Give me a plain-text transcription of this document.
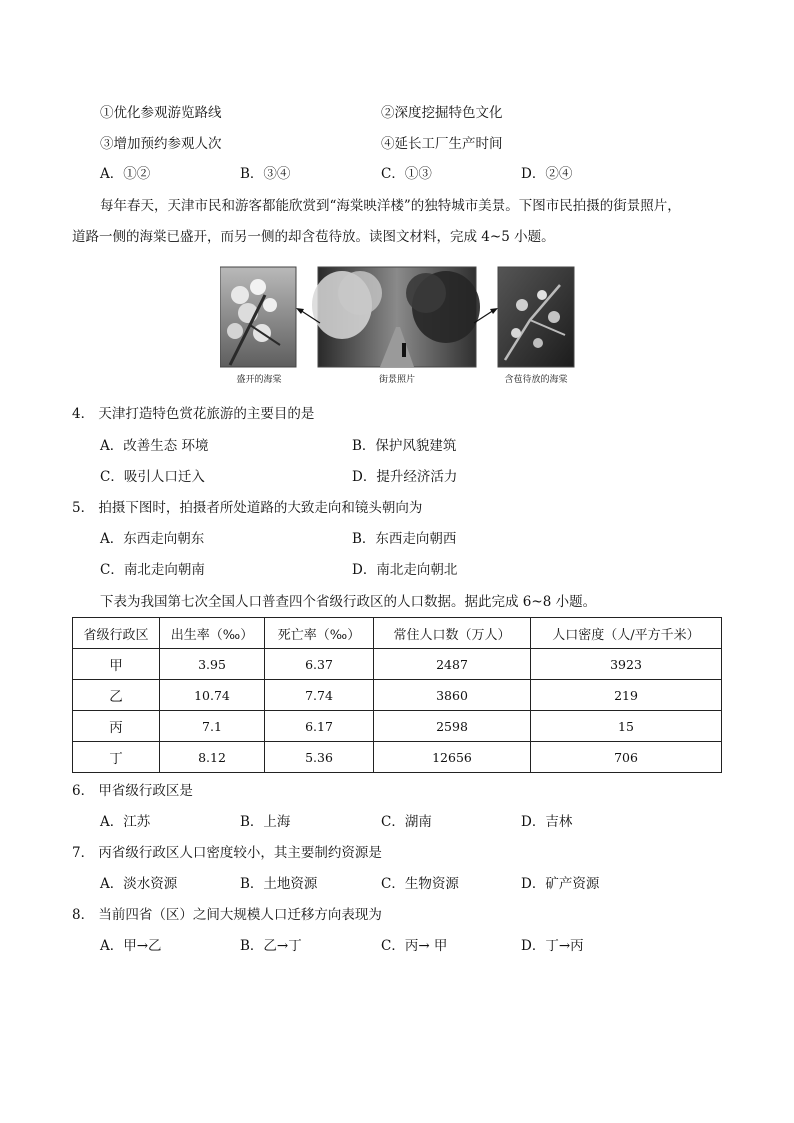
①优化参观游览路线	②深度挖掘特色文化
③增加预约参观人次	④延长工厂生产时间
A．①②	B．③④	C．①③	D．②④
每年春天，天津市民和游客都能欣赏到“海棠映洋楼”的独特城市美景。下图市民拍摄的街景照片，
道路一侧的海棠已盛开，而另一侧的却含苞待放。读图文材料，完成 4~5 小题。
盛开的海棠	街景照片	含苞待放的海棠
4． 天津打造特色赏花旅游的主要目的是
A．改善生态 环境	B．保护风貌建筑
C．吸引人口迁入	D．提升经济活力
5． 拍摄下图时，拍摄者所处道路的大致走向和镜头朝向为
A．东西走向朝东	B．东西走向朝西
C．南北走向朝南	D．南北走向朝北
下表为我国第七次全国人口普查四个省级行政区的人口数据。据此完成 6~8 小题。
省级行政区	出生率（‰）	死亡率（‰）	常住人口数（万人）	人口密度（人/平方千米）
甲	3.95	6.37	2487	3923
乙	10.74	7.74	3860	219
丙	7.1	6.17	2598	15
丁	8.12	5.36	12656	706
6． 甲省级行政区是
A．江苏	B．上海	C．湖南	D．吉林
7． 丙省级行政区人口密度较小，其主要制约资源是
A．淡水资源	B．土地资源	C．生物资源	D．矿产资源
8． 当前四省（区）之间大规模人口迁移方向表现为
A．甲→乙	B．乙→丁	C．丙→ 甲	D．丁→丙
